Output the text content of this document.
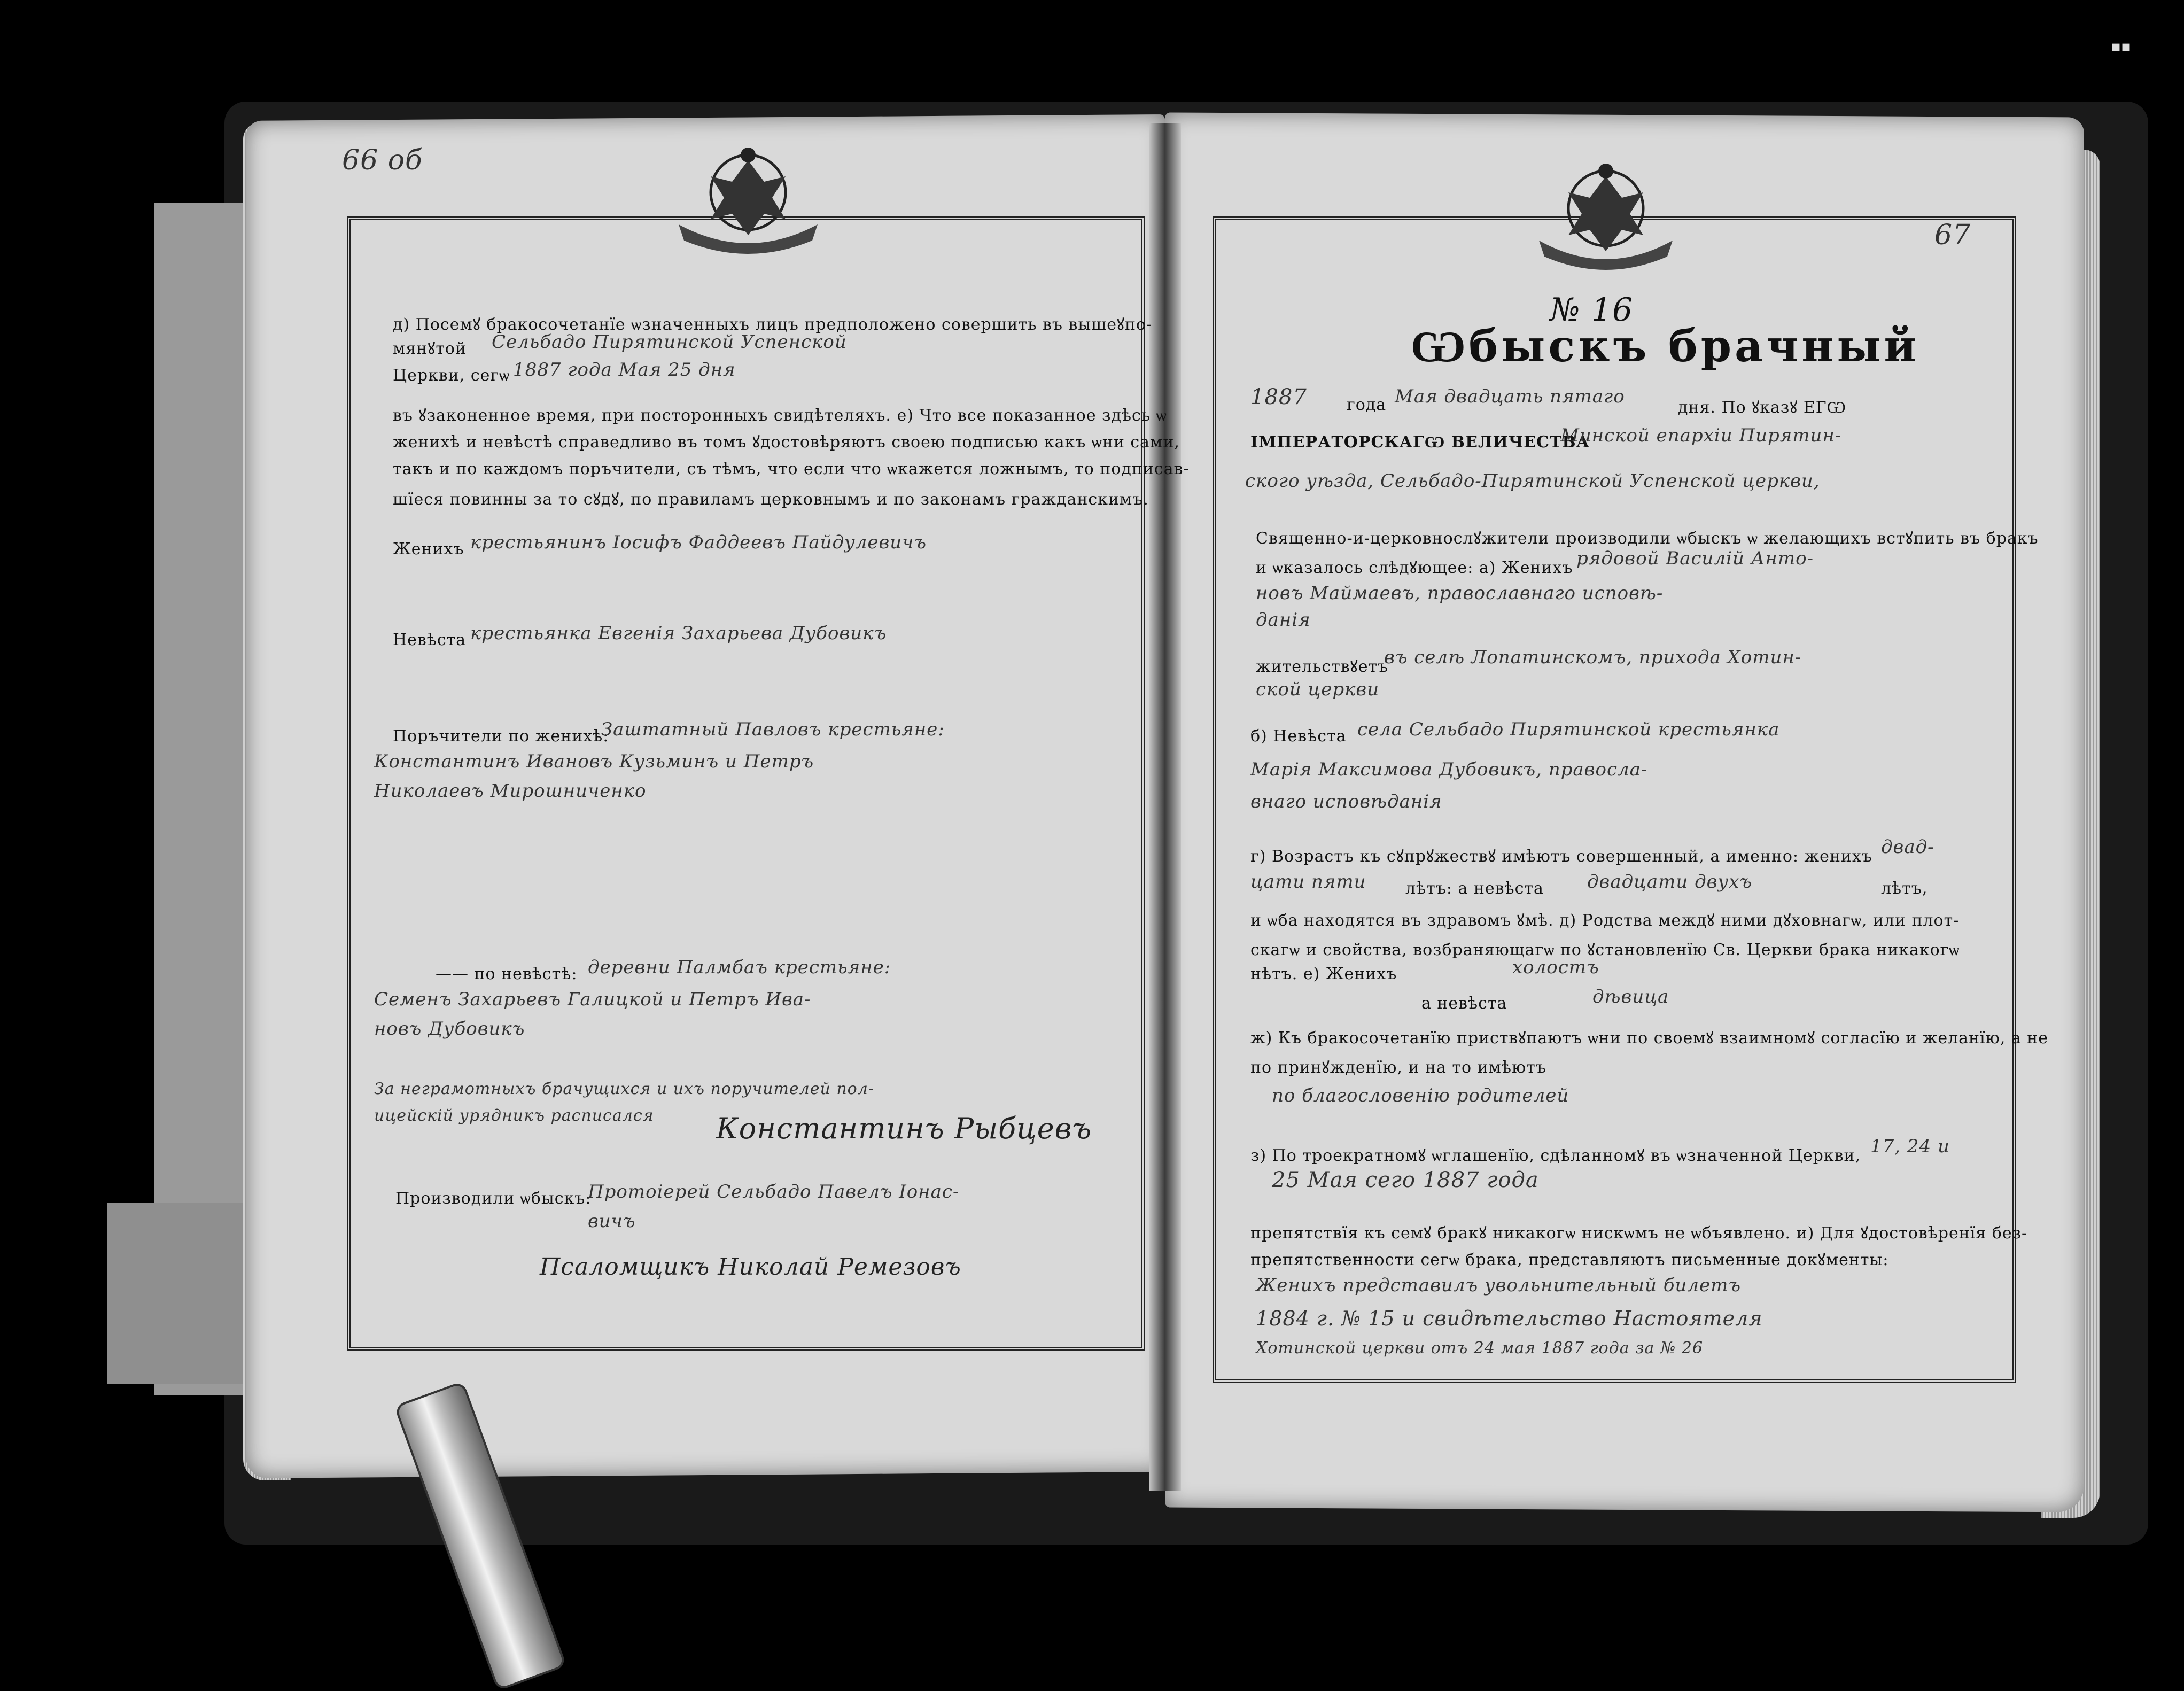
▪▪
66 об
д) Посемꙋ бракосочетанїе ѡзначенныхъ лицъ предположено совершить въ вышеꙋпо-
мянꙋтой Сельбадо Пирятинской Успенской
Церкви, сегѡ 1887 года Мая 25 дня
въ ꙋзаконенное время, при посторонныхъ свидѣтеляхъ. е) Что все показанное здѣсь ѡ
женихѣ и невѣстѣ справедливо въ томъ ꙋдостовѣряютъ своею подписью какъ ѡни сами,
такъ и по каждомъ поръчители, съ тѣмъ, что если что ѡкажется ложнымъ, то подписав-
шїеся повинны за то сꙋдꙋ, по правиламъ церковнымъ и по законамъ гражданскимъ.
Женихъ крестьянинъ Іосифъ Фаддеевъ Пайдулевичъ
Невѣста крестьянка Евгенія Захарьева Дубовикъ
Поръчители по женихѣ:
Заштатный Павловъ крестьяне:
Константинъ Ивановъ Кузьминъ и Петръ
Николаевъ Мирошниченко
—— по невѣстѣ: деревни Палмбаъ крестьяне:
Семенъ Захарьевъ Галицкой и Петръ Ива-
новъ Дубовикъ
За неграмотныхъ брачущихся и ихъ поручителей пол-
ицейскій урядникъ расписался Константинъ Рыбцевъ
Производили ѡбыскъ:
Протоіерей Сельбадо Павелъ Іонас-
вичъ
Псаломщикъ Николай Ремезовъ
67
№ 16
Ѡбыскъ брачный
1887 года Мая двадцать пятаго
дня. По ꙋказꙋ ЕГѠ
ІМПЕРАТОРСКАГѠ ВЕЛИЧЕСТВА
Минской епархіи Пирятин-
ского уѣзда, Сельбадо-Пирятинской Успенской церкви,
Священно-и-церковнослꙋжители производили ѡбыскъ ѡ желающихъ встꙋпить въ бракъ
и ѡказалось слѣдꙋющее: а) Женихъ рядовой Василій Анто-
новъ Маймаевъ, православнаго исповѣ-
данія
жительствꙋетъ
въ селѣ Лопатинскомъ, прихода Хотин-
ской церкви
б) Невѣста села Сельбадо Пирятинской крестьянка
Марія Максимова Дубовикъ, правосла-
внаго исповѣданія
г) Возрастъ къ сꙋпрꙋжествꙋ имѣютъ совершенный, а именно: женихъ двад-
цати пяти лѣтъ: а невѣста двадцати двухъ	лѣтъ,
и ѡба находятся въ здравомъ ꙋмѣ. д) Родства междꙋ ними дꙋховнагѡ, или плот-
скагѡ и свойства, возбраняющагѡ по ꙋстановленїю Св. Церкви брака никакогѡ
нѣтъ. е) Женихъ	холостъ
а невѣста	дѣвица
ж) Къ бракосочетанїю приствꙋпаютъ ѡни по своемꙋ взаимномꙋ согласїю и желанїю, а не
по принꙋжденїю, и на то имѣютъ
по благословенію родителей
з) По троекратномꙋ ѡглашенїю, сдѣланномꙋ въ ѡзначенной Церкви, 17, 24 и
25 Мая сего 1887 года
препятствїя къ семꙋ бракꙋ никакогѡ нискѡмъ не ѡбъявлено. и) Для ꙋдостовѣренїя без-
препятственности сегѡ брака, представляютъ письменные докꙋменты:
Женихъ представилъ увольнительный билетъ
1884 г. № 15 и свидѣтельство Настоятеля
Хотинской церкви отъ 24 мая 1887 года за № 26
